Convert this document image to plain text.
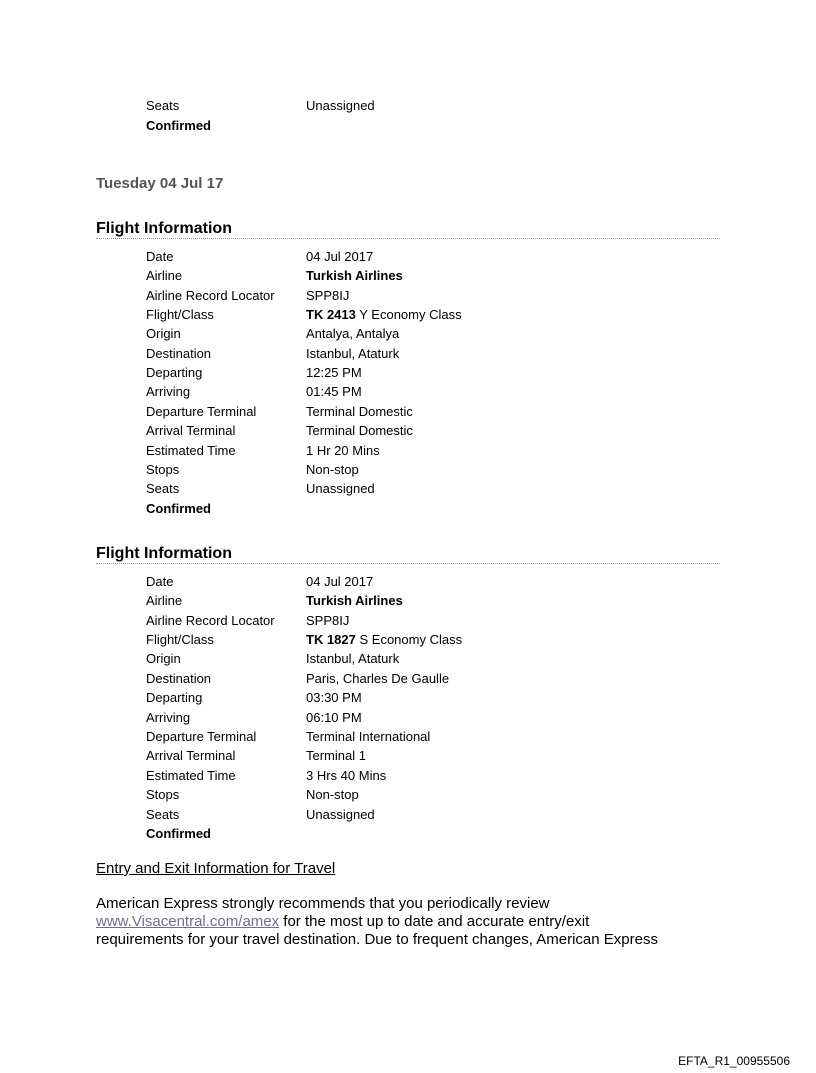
Seats	Unassigned
Confirmed
Tuesday 04 Jul 17
Flight Information
Date	04 Jul 2017
Airline	Turkish Airlines
Airline Record Locator SPP8IJ
Flight/Class	TK 2413 Y Economy Class
Origin	Antalya, Antalya
Destination	Istanbul, Ataturk
Departing	12:25 PM
Arriving	01:45 PM
Departure Terminal	Terminal Domestic
Arrival Terminal	Terminal Domestic
Estimated Time	1 Hr 20 Mins
Stops	Non-stop
Seats	Unassigned
Confirmed
Flight Information
Date	04 Jul 2017
Airline	Turkish Airlines
Airline Record Locator SPP8IJ
Flight/Class	TK 1827 S Economy Class
Origin	Istanbul, Ataturk
Destination	Paris, Charles De Gaulle
Departing	03:30 PM
Arriving	06:10 PM
Departure Terminal	Terminal International
Arrival Terminal	Terminal 1
Estimated Time	3 Hrs 40 Mins
Stops	Non-stop
Seats	Unassigned
Confirmed
Entry and Exit Information for Travel
American Express strongly recommends that you periodically review
www.Visacentral.com/amex for the most up to date and accurate entry/exit
requirements for your travel destination. Due to frequent changes, American Express
EFTA_R1_00955506
